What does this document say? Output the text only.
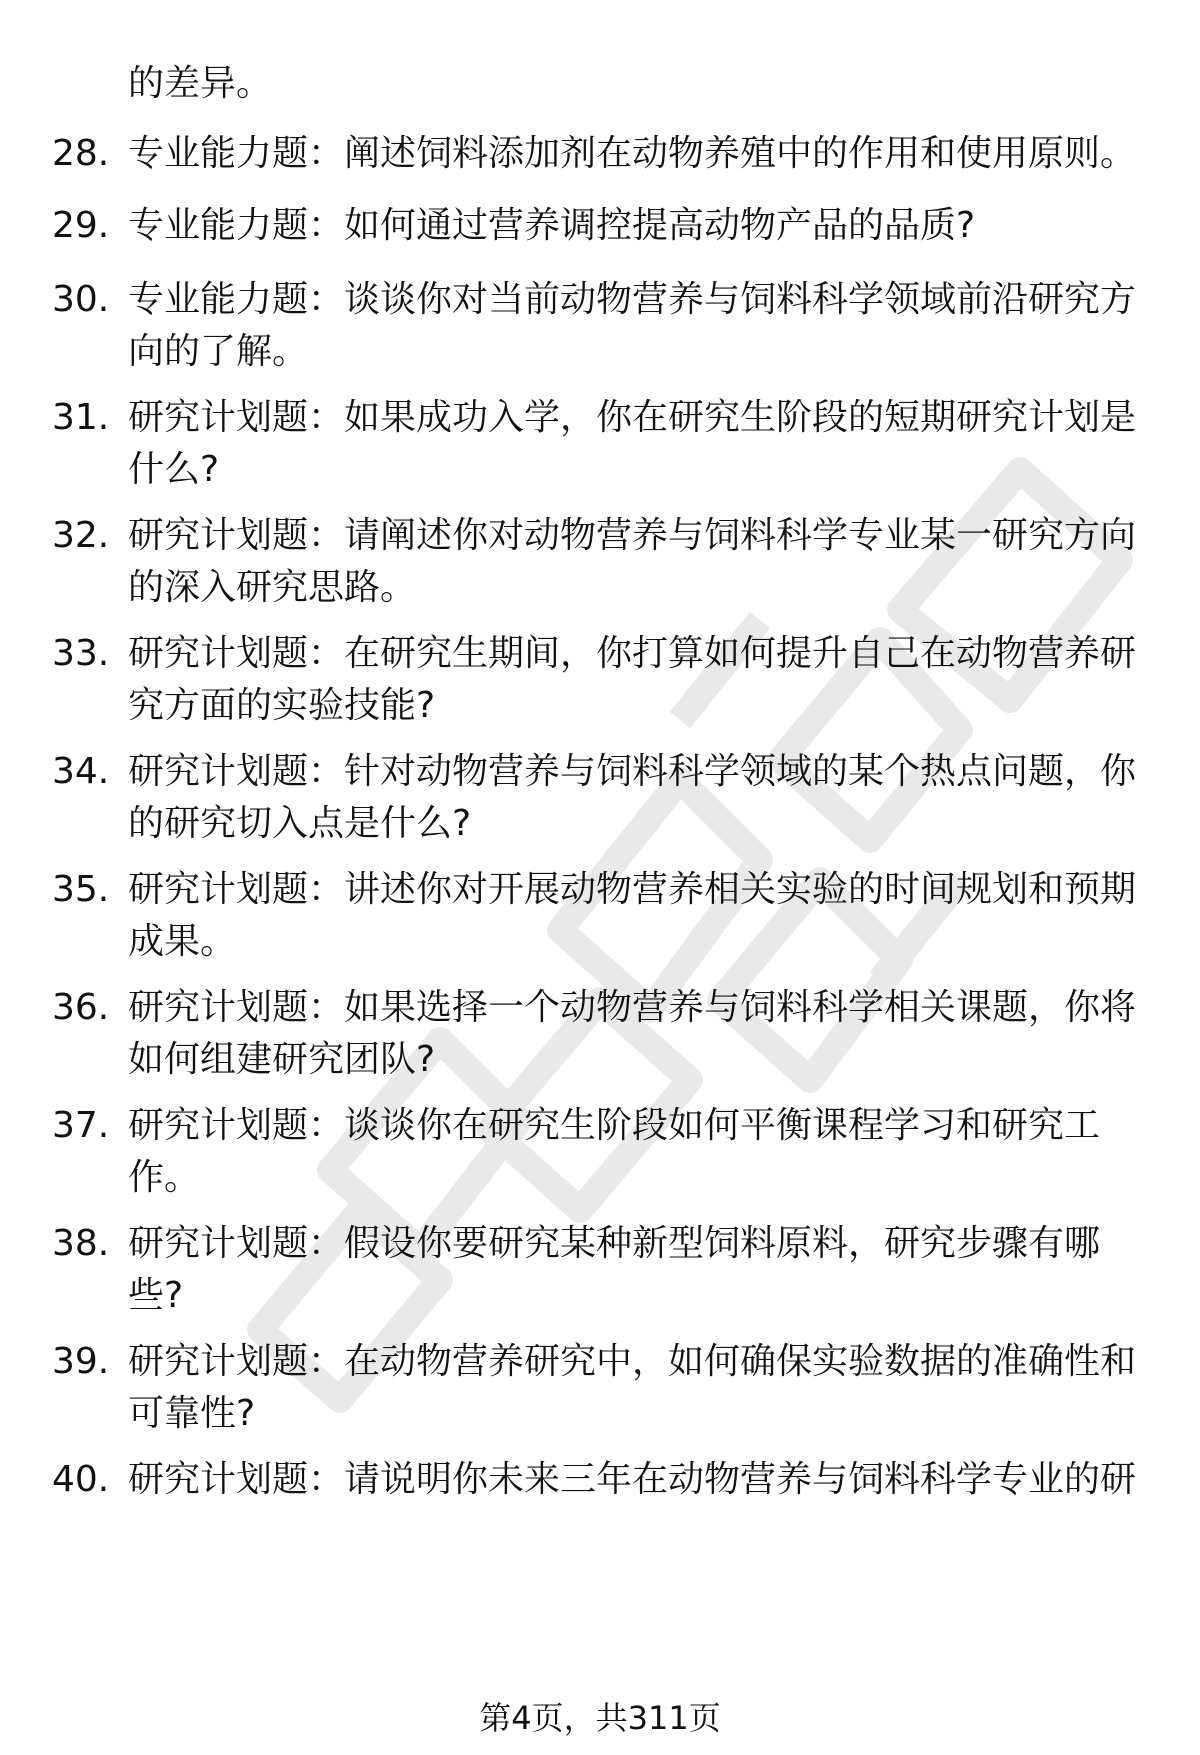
的差异。
28. 专业能力题：阐述饲料添加剂在动物养殖中的作用和使用原则。
29. 专业能力题：如何通过营养调控提高动物产品的品质?
30. 专业能力题：谈谈你对当前动物营养与饲料科学领域前沿研究方向的了解。
31. 研究计划题：如果成功入学，你在研究生阶段的短期研究计划是什么?
32. 研究计划题：请阐述你对动物营养与饲料科学专业某一研究方向的深入研究思路。
33. 研究计划题：在研究生期间，你打算如何提升自己在动物营养研究方面的实验技能?
34. 研究计划题：针对动物营养与饲料科学领域的某个热点问题，你的研究切入点是什么?
35. 研究计划题：讲述你对开展动物营养相关实验的时间规划和预期成果。
36. 研究计划题：如果选择一个动物营养与饲料科学相关课题，你将如何组建研究团队?
37. 研究计划题：谈谈你在研究生阶段如何平衡课程学习和研究工作。
38. 研究计划题：假设你要研究某种新型饲料原料，研究步骤有哪些?
39. 研究计划题：在动物营养研究中，如何确保实验数据的准确性和可靠性?
40. 研究计划题：请说明你未来三年在动物营养与饲料科学专业的研
第4页，共311页
